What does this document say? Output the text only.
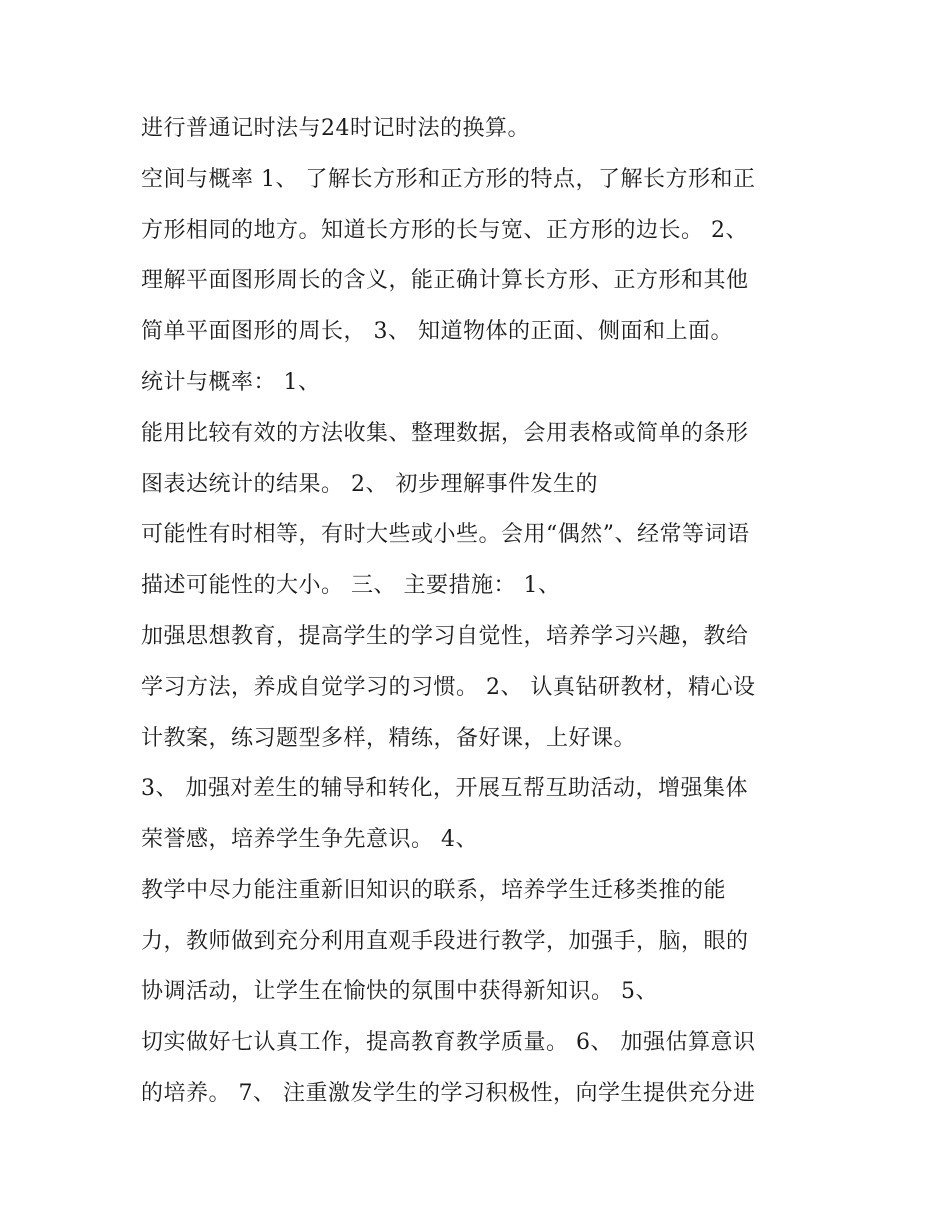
进行普通记时法与24时记时法的换算。

空间与概率 1、 了解长方形和正方形的特点，了解长方形和正

方形相同的地方。知道长方形的长与宽、正方形的边长。 2、

理解平面图形周长的含义，能正确计算长方形、正方形和其他

简单平面图形的周长， 3、 知道物体的正面、侧面和上面。

统计与概率： 1、

能用比较有效的方法收集、整理数据，会用表格或简单的条形

图表达统计的结果。 2、 初步理解事件发生的

可能性有时相等，有时大些或小些。会用“偶然”、经常等词语

描述可能性的大小。 三、 主要措施： 1、

加强思想教育，提高学生的学习自觉性，培养学习兴趣，教给

学习方法，养成自觉学习的习惯。 2、 认真钻研教材，精心设

计教案，练习题型多样，精练，备好课，上好课。

3、 加强对差生的辅导和转化，开展互帮互助活动，增强集体

荣誉感，培养学生争先意识。 4、

教学中尽力能注重新旧知识的联系，培养学生迁移类推的能

力，教师做到充分利用直观手段进行教学，加强手，脑，眼的

协调活动，让学生在愉快的氛围中获得新知识。 5、

切实做好七认真工作，提高教育教学质量。 6、 加强估算意识

的培养。 7、 注重激发学生的学习积极性，向学生提供充分进
